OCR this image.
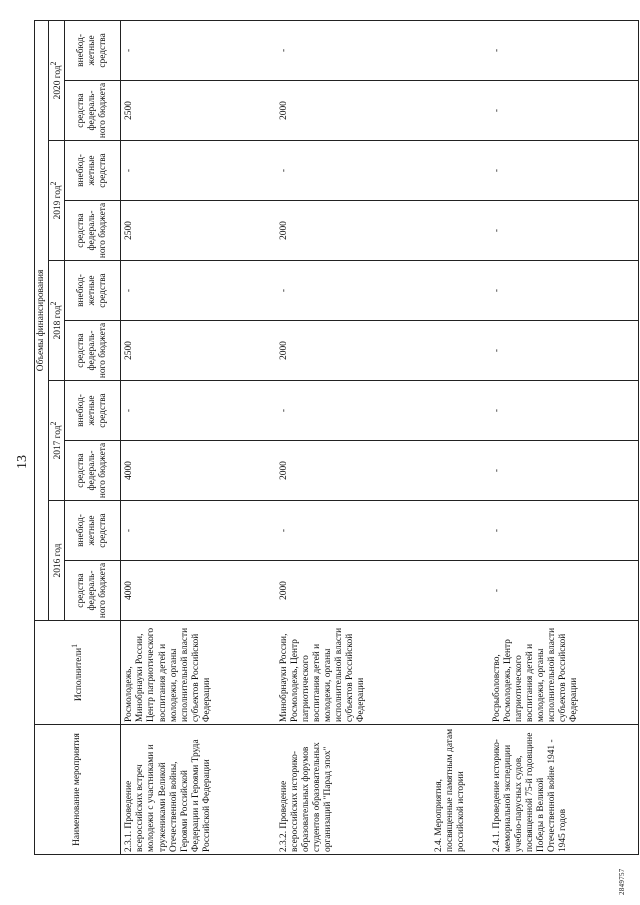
13
Наименование мероприятия	Исполнители$^1$	Объемы финансирования									
		2016 год		2017 год$^2$		2018 год$^2$		2019 год$^2$		2020 год$^2$
		средства федераль-ного бюджета	внебюд-жетные средства	средства федераль-ного бюджета	внебюд-жетные средства	средства федераль-ного бюджета	внебюд-жетные средства	средства федераль-ного бюджета	внебюд-жетные средства	средства федераль-ного бюджета	внебюд-жетные средства
2.3.1. Проведение всероссийских встреч молодежи с участниками и тружениками Великой Отечественной войны, Героями Российской Федерации и Героями Труда Российской Федерации	Росмолодежь, Минобрнауки России, Центр патриотического воспитания детей и молодежи, органы исполнительной власти субъектов Российской Федерации	4000	-	4000	-	2500	-	2500	-	2500	-
2.3.2. Проведение всероссийских историко-образовательных форумов студентов образовательных организаций "Парад эпох"	Минобрнауки России, Росмолодежь, Центр патриотического воспитания детей и молодежи, органы исполнительной власти субъектов Российской Федерации	2000	-	2000	-	2000	-	2000	-	2000	-
2.4. Мероприятия, посвященные памятным датам российской истории											
2.4.1. Проведение историко-мемориальной экспедиции учебно-парусных судов, посвященной 75-й годовщине Победы в Великой Отечественной войне 1941 - 1945 годов	Росрыболовство, Росмолодежь, Центр патриотического воспитания детей и молодежи, органы исполнительной власти субъектов Российской Федерации	-	-	-	-	-	-	-	-	-	-
2849757
